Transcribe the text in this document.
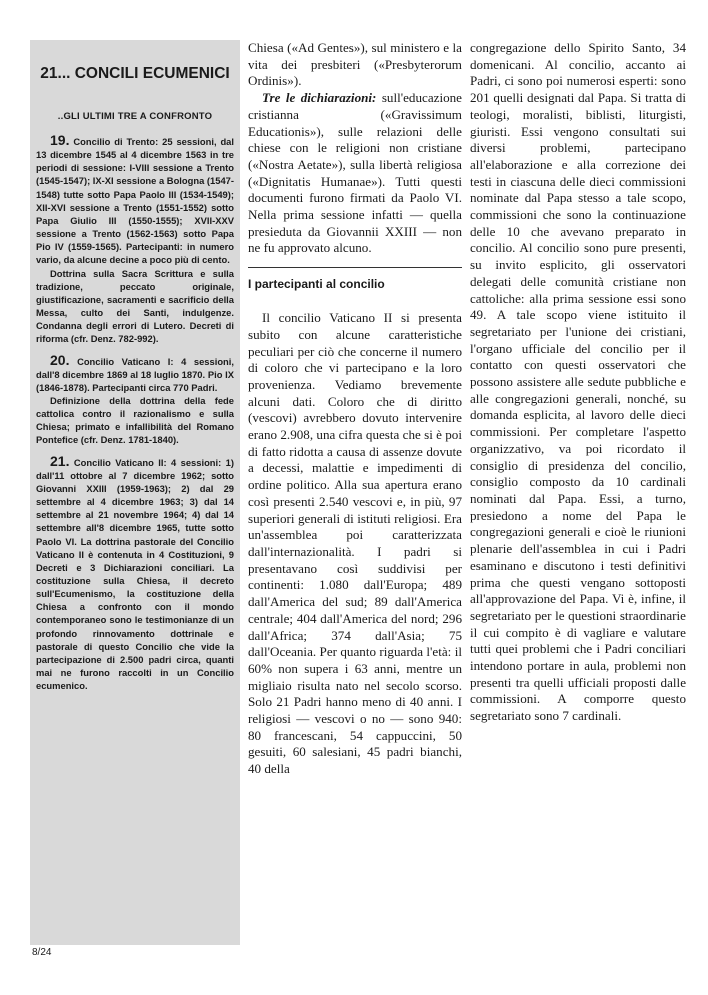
21... CONCILI ECUMENICI
..GLI ULTIMI TRE A CONFRONTO

19. Concilio di Trento: 25 sessioni, dal 13 dicembre 1545 al 4 dicembre 1563 in tre periodi di sessione: I-VIII sessione a Trento (1545-1547); IX-XI sessione a Bologna (1547-1548) tutte sotto Papa Paolo III (1534-1549); XII-XVI sessione a Trento (1551-1552) sotto Papa Giulio III (1550-1555); XVII-XXV sessione a Trento (1562-1563) sotto Papa Pio IV (1559-1565). Partecipanti: in numero vario, da alcune decine a poco più di cento.

Dottrina sulla Sacra Scrittura e sulla tradizione, peccato originale, giustificazione, sacramenti e sacrificio della Messa, culto dei Santi, indulgenze. Condanna degli errori di Lutero. Decreti di riforma (cfr. Denz. 782-992).

20. Concilio Vaticano I: 4 sessioni, dall'8 dicembre 1869 al 18 luglio 1870. Pio IX (1846-1878). Partecipanti circa 770 Padri.

Definizione della dottrina della fede cattolica contro il razionalismo e sulla Chiesa; primato e infallibilità del Romano Pontefice (cfr. Denz. 1781-1840).

21. Concilio Vaticano II: 4 sessioni: 1) dall'11 ottobre al 7 dicembre 1962; sotto Giovanni XXIII (1959-1963); 2) dal 29 settembre al 4 dicembre 1963; 3) dal 14 settembre al 21 novembre 1964; 4) dal 14 settembre all'8 dicembre 1965, tutte sotto Paolo VI. La dottrina pastorale del Concilio Vaticano II è contenuta in 4 Costituzioni, 9 Decreti e 3 Dichiarazioni conciliari. La costituzione sulla Chiesa, il decreto sull'Ecumenismo, la costituzione della Chiesa a confronto con il mondo contemporaneo sono le testimonianze di un profondo rinnovamento dottrinale e pastorale di questo Concilio che vide la partecipazione di 2.500 padri circa, quanti mai ne furono raccolti in un Concilio ecumenico.

Chiesa («Ad Gentes»), sul ministero e la vita dei presbiteri («Presbyterorum Ordinis»).

Tre le dichiarazioni: sull'educazione cristianna («Gravissimum Educationis»), sulle relazioni delle chiese con le religioni non cristiane («Nostra Aetate»), sulla libertà religiosa («Dignitatis Humanae»). Tutti questi documenti furono firmati da Paolo VI. Nella prima sessione infatti — quella presieduta da Giovannii XXIII — non ne fu approvato alcuno.

I partecipanti al concilio

Il concilio Vaticano II si presenta subito con alcune caratteristiche peculiari per ciò che concerne il numero di coloro che vi partecipano e la loro provenienza. Vediamo brevemente alcuni dati. Coloro che di diritto (vescovi) avrebbero dovuto intervenire erano 2.908, una cifra questa che si è poi di fatto ridotta a causa di assenze dovute a decessi, malattie e impedimenti di ordine politico. Alla sua apertura erano così presenti 2.540 vescovi e, in più, 97 superiori generali di istituti religiosi. Era un'assemblea poi caratterizzata dall'internazionalità. I padri si presentavano così suddivisi per continenti: 1.080 dall'Europa; 489 dall'America del sud; 89 dall'America centrale; 404 dall'America del nord; 296 dall'Africa; 374 dall'Asia; 75 dall'Oceania. Per quanto riguarda l'età: il 60% non supera i 63 anni, mentre un migliaio risulta nato nel secolo scorso. Solo 21 Padri hanno meno di 40 anni. I religiosi — vescovi o no — sono 940: 80 francescani, 54 cappuccini, 50 gesuiti, 60 salesiani, 45 padri bianchi, 40 della

congregazione dello Spirito Santo, 34 domenicani. Al concilio, accanto ai Padri, ci sono poi numerosi esperti: sono 201 quelli designati dal Papa. Si tratta di teologi, moralisti, biblisti, liturgisti, giuristi. Essi vengono consultati sui diversi problemi, partecipano all'elaborazione e alla correzione dei testi in ciascuna delle dieci commissioni nominate dal Papa stesso a tale scopo, commissioni che sono la continuazione delle 10 che avevano preparato in concilio. Al concilio sono pure presenti, su invito esplicito, gli osservatori delegati delle comunità cristiane non cattoliche: alla prima sessione essi sono 49. A tale scopo viene istituito il segretariato per l'unione dei cristiani, l'organo ufficiale del concilio per il contatto con questi osservatori che possono assistere alle sedute pubbliche e alle congregazioni generali, nonché, su domanda esplicita, al lavoro delle dieci commissioni. Per completare l'aspetto organizzativo, va poi ricordato il consiglio di presidenza del concilio, consiglio composto da 10 cardinali nominati dal Papa. Essi, a turno, presiedono a nome del Papa le congregazioni generali e cioè le riunioni plenarie dell'assemblea in cui i Padri esaminano e discutono i testi definitivi prima che questi vengano sottoposti all'approvazione del Papa. Vi è, infine, il segretariato per le questioni straordinarie il cui compito è di vagliare e valutare tutti quei problemi che i Padri conciliari intendono portare in aula, problemi non presenti tra quelli ufficiali proposti dalle commissioni. A comporre questo segretariato sono 7 cardinali.

8/24
